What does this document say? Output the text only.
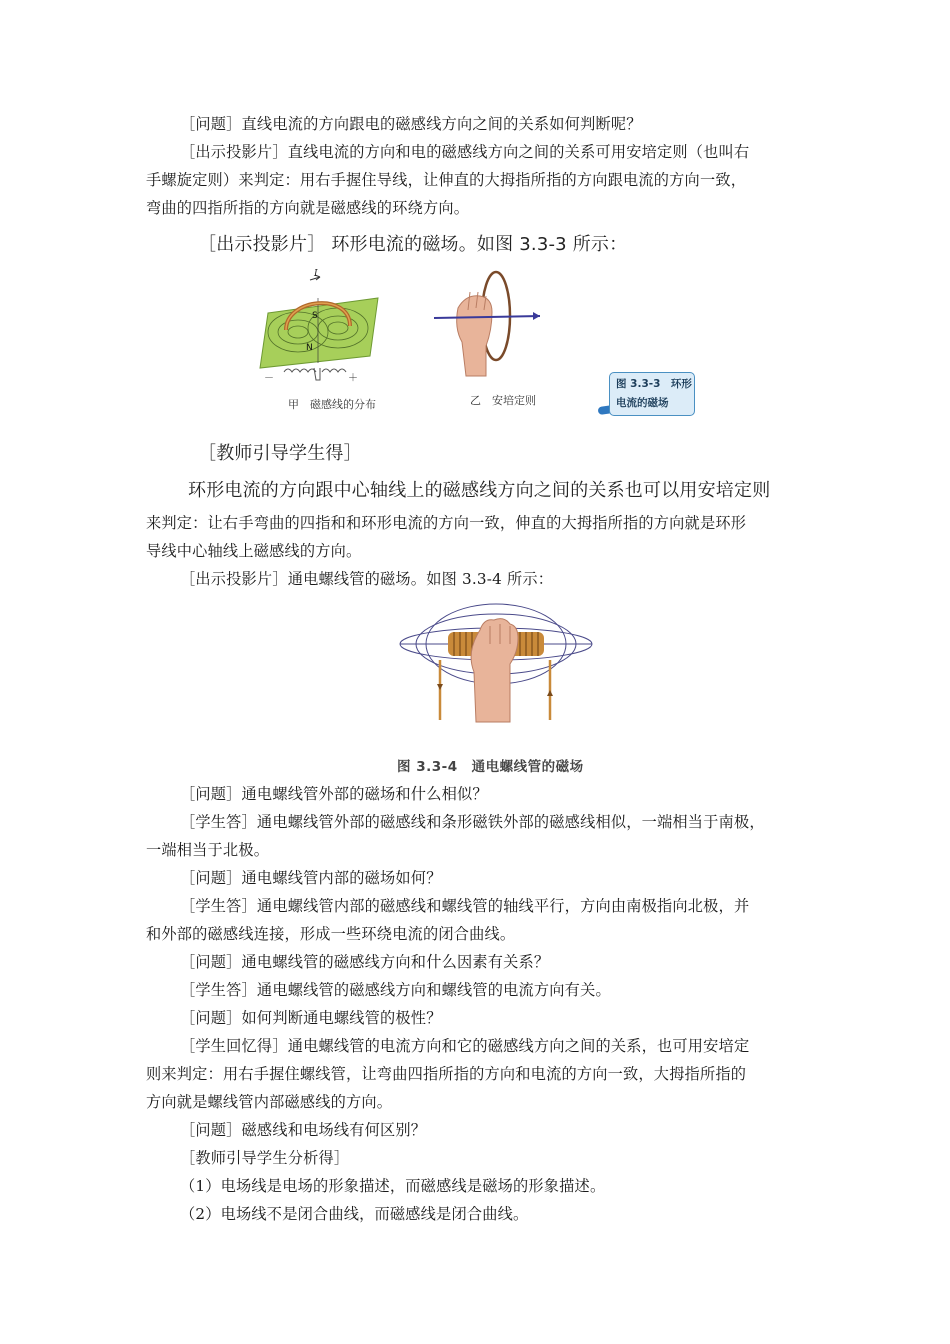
［问题］直线电流的方向跟电的磁感线方向之间的关系如何判断呢？
［出示投影片］直线电流的方向和电的磁感线方向之间的关系可用安培定则（也叫右
手螺旋定则）来判定：用右手握住导线，让伸直的大拇指所指的方向跟电流的方向一致，
弯曲的四指所指的方向就是磁感线的环绕方向。
［出示投影片］ 环形电流的磁场。如图 3.3-3 所示：
I
S
N
－	＋
甲　磁感线的分布	乙　安培定则
图 3.3-3　环形
电流的磁场
［教师引导学生得］
环形电流的方向跟中心轴线上的磁感线方向之间的关系也可以用安培定则
来判定：让右手弯曲的四指和和环形电流的方向一致，伸直的大拇指所指的方向就是环形
导线中心轴线上磁感线的方向。
［出示投影片］通电螺线管的磁场。如图 3.3-4 所示：
图 3.3-4　通电螺线管的磁场
［问题］通电螺线管外部的磁场和什么相似？
［学生答］通电螺线管外部的磁感线和条形磁铁外部的磁感线相似，一端相当于南极，
一端相当于北极。
［问题］通电螺线管内部的磁场如何？
［学生答］通电螺线管内部的磁感线和螺线管的轴线平行，方向由南极指向北极，并
和外部的磁感线连接，形成一些环绕电流的闭合曲线。
［问题］通电螺线管的磁感线方向和什么因素有关系？
［学生答］通电螺线管的磁感线方向和螺线管的电流方向有关。
［问题］如何判断通电螺线管的极性？
［学生回忆得］通电螺线管的电流方向和它的磁感线方向之间的关系，也可用安培定
则来判定：用右手握住螺线管，让弯曲四指所指的方向和电流的方向一致，大拇指所指的
方向就是螺线管内部磁感线的方向。
［问题］磁感线和电场线有何区别？
［教师引导学生分析得］
（1）电场线是电场的形象描述，而磁感线是磁场的形象描述。
（2）电场线不是闭合曲线，而磁感线是闭合曲线。
